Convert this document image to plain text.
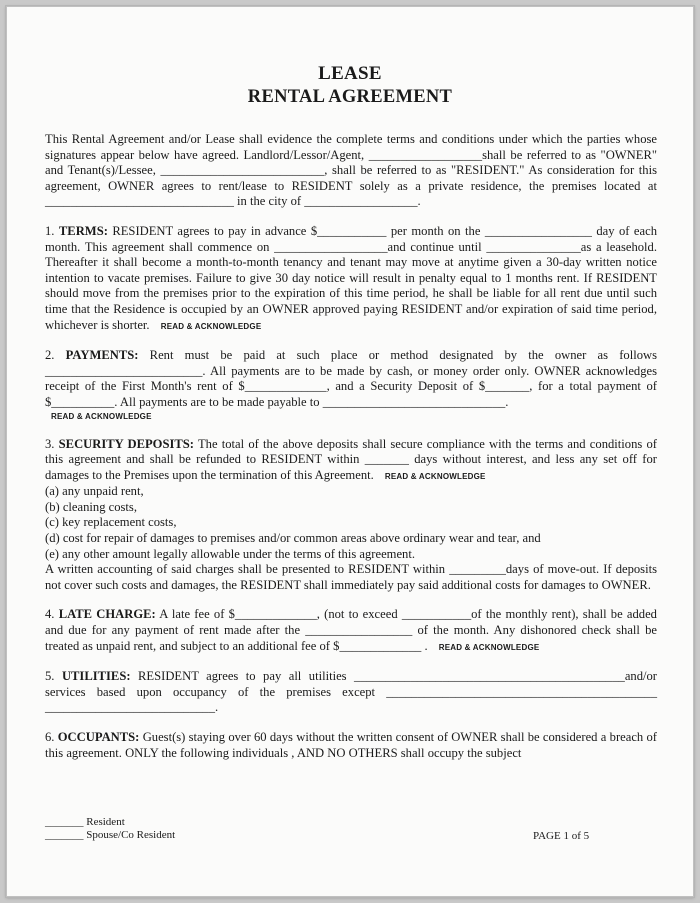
LEASE
RENTAL AGREEMENT

This Rental Agreement and/or Lease shall evidence the complete terms and conditions under which the parties whose signatures appear below have agreed. Landlord/Lessor/Agent, __________________shall be referred to as "OWNER" and Tenant(s)/Lessee, __________________________, shall be referred to as "RESIDENT." As consideration for this agreement, OWNER agrees to rent/lease to RESIDENT solely as a private residence, the premises located at ______________________________ in the city of __________________.

1. TERMS: RESIDENT agrees to pay in advance $___________ per month on the _________________ day of each month. This agreement shall commence on __________________and continue until _______________as a leasehold. Thereafter it shall become a month-to-month tenancy and tenant may move at anytime given a 30-day written notice intention to vacate premises. Failure to give 30 day notice will result in penalty equal to 1 months rent. If RESIDENT should move from the premises prior to the expiration of this time period, he shall be liable for all rent due until such time that the Residence is occupied by an OWNER approved paying RESIDENT and/or expiration of said time period, whichever is shorter. READ & ACKNOWLEDGE

2. PAYMENTS: Rent must be paid at such place or method designated by the owner as follows _________________________. All payments are to be made by cash, or money order only. OWNER acknowledges receipt of the First Month's rent of $_____________, and a Security Deposit of $_______, for a total payment of $__________. All payments are to be made payable to _____________________________.
READ & ACKNOWLEDGE

3. SECURITY DEPOSITS: The total of the above deposits shall secure compliance with the terms and conditions of this agreement and shall be refunded to RESIDENT within _______ days without interest, and less any set off for damages to the Premises upon the termination of this Agreement. READ & ACKNOWLEDGE

(a) any unpaid rent,
(b) cleaning costs,
(c) key replacement costs,
(d) cost for repair of damages to premises and/or common areas above ordinary wear and tear, and
(e) any other amount legally allowable under the terms of this agreement.

A written accounting of said charges shall be presented to RESIDENT within _________days of move-out. If deposits not cover such costs and damages, the RESIDENT shall immediately pay said additional costs for damages to OWNER.

4. LATE CHARGE: A late fee of $_____________, (not to exceed ___________of the monthly rent), shall be added and due for any payment of rent made after the _________________ of the month. Any dishonored check shall be treated as unpaid rent, and subject to an additional fee of $_____________ . READ & ACKNOWLEDGE

5. UTILITIES: RESIDENT agrees to pay all utilities ___________________________________________and/or services based upon occupancy of the premises except ___________________________________________ ___________________________.

6. OCCUPANTS: Guest(s) staying over 60 days without the written consent of OWNER shall be considered a breach of this agreement. ONLY the following individuals , AND NO OTHERS shall occupy the subject

_______ Resident
_______ Spouse/Co Resident	PAGE 1 of 5
